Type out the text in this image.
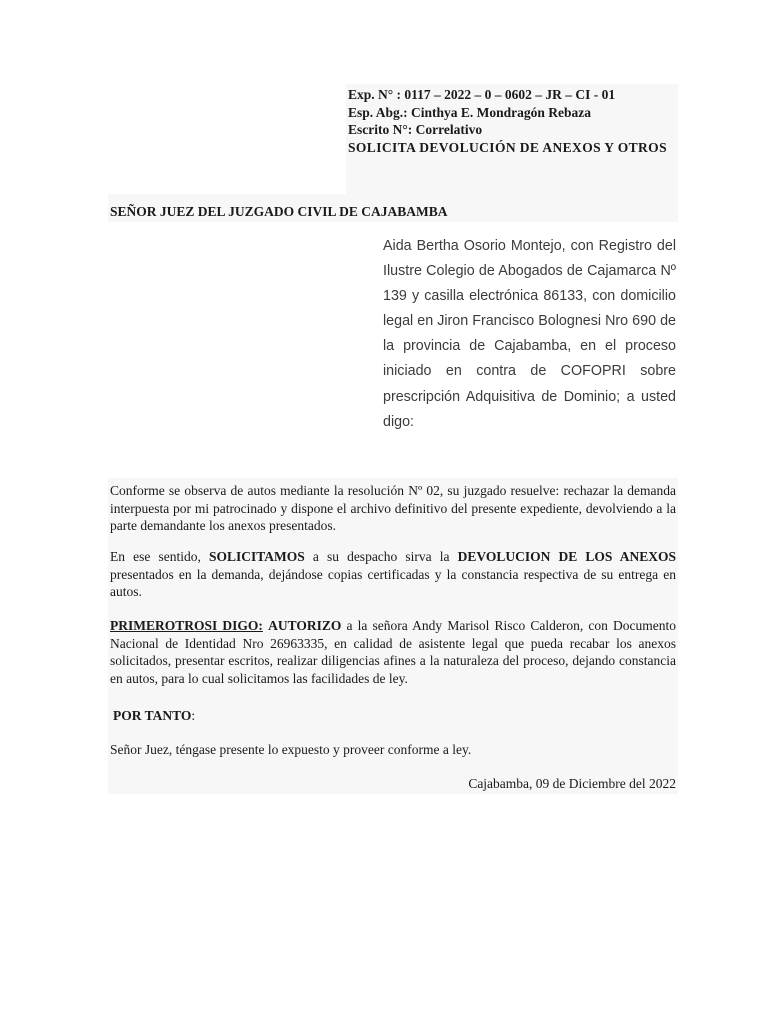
Exp. N° : 0117 – 2022 – 0 – 0602 – JR – CI - 01
Esp. Abg.: Cinthya E. Mondragón Rebaza
Escrito N°: Correlativo
SOLICITA DEVOLUCIÓN DE ANEXOS Y OTROS
SEÑOR JUEZ DEL JUZGADO CIVIL DE CAJABAMBA
Aida Bertha Osorio Montejo, con Registro del Ilustre Colegio de Abogados de Cajamarca Nº 139 y casilla electrónica 86133, con domicilio legal en Jiron Francisco Bolognesi Nro 690 de la provincia de Cajabamba, en el proceso iniciado en contra de COFOPRI sobre prescripción Adquisitiva de Dominio; a usted digo:
Conforme se observa de autos mediante la resolución Nº 02, su juzgado resuelve: rechazar la demanda interpuesta por mi patrocinado y dispone el archivo definitivo del presente expediente, devolviendo a la parte demandante los anexos presentados.
En ese sentido, SOLICITAMOS a su despacho sirva la DEVOLUCION DE LOS ANEXOS presentados en la demanda, dejándose copias certificadas y la constancia respectiva de su entrega en autos.
PRIMEROTROSI DIGO: AUTORIZO a la señora Andy Marisol Risco Calderon, con Documento Nacional de Identidad Nro 26963335, en calidad de asistente legal que pueda recabar los anexos solicitados, presentar escritos, realizar diligencias afines a la naturaleza del proceso, dejando constancia en autos, para lo cual solicitamos las facilidades de ley.
POR TANTO:
Señor Juez, téngase presente lo expuesto y proveer conforme a ley.
Cajabamba, 09 de Diciembre del 2022
